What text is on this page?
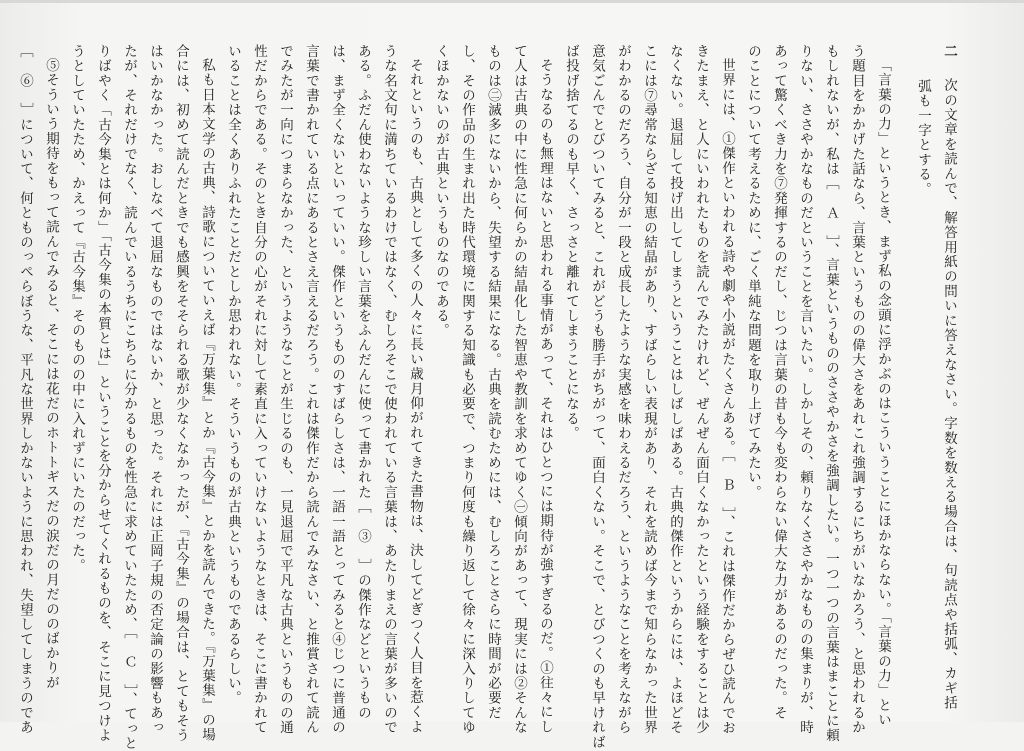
二次の文章を読んで、解答用紙の問いに答えなさい。字数を数える場合は、句読点や括弧、カギ括
弧も一字とする。
「言葉の力」というとき、まず私の念頭に浮かぶのはこういうことにほかならない。「言葉の力」とい
う題目をかかげた話なら、言葉というものの偉大さをあれこれ強調するにちがいなかろう、と思われるか
もしれないが、私は［　Ａ　］、言葉というもののささやかさを強調したい。一つ一つの言葉はまことに頼
りない、ささやかなものだということを言いたい。しかしその、頼りなくささやかなものの集まりが、時
あって驚くべき力を⑦発揮するのだし、じつは言葉の昔も今も変わらない偉大な力があるのだった。そ
のことについて考えるために、ごく単純な問題を取り上げてみたい。
世界には、①傑作といわれる詩や劇や小説がたくさんある。［　Ｂ　］、これは傑作だからぜひ読んでお
きたまえ、と人にいわれたものを読んでみたけれど、ぜんぜん面白くなかったという経験をすることは少
なくない。退屈して投げ出してしまうということはしばしばある。古典的傑作というからには、よほどそ
こには⑦尋常ならざる知恵の結晶があり、すばらしい表現があり、それを読めば今まで知らなかった世界
がわかるのだろう、自分が一段と成長したような実感を味わえるだろう、というようなことを考えながら
意気ごんでとびついてみると、これがどうも勝手がちがって、面白くない。そこで、とびつくのも早ければ
ば投げ捨てるのも早く、さっさと離れてしまうことになる。
そうなるのも無理はないと思われる事情があって、それはひとつには期待が強すぎるのだ。①往々にし
て人は古典の中に性急に何らかの結晶化した智恵や教訓を求めてゆく㊀傾向があって、現実には②そんな
ものは㊁滅多にないから、失望する結果になる。古典を読むためには、むしろことさらに時間が必要だ
し、その作品の生まれ出た時代環境に関する知識も必要で、つまり何度も繰り返して徐々に深入りしてゆ
くほかないのが古典というものなのである。
それというのも、古典として多くの人々に長い歳月仰がれてきた書物は、決してどぎつく人目を惹くよ
うな名文句に満ちているわけではなく、むしろそこで使われている言葉は、あたりまえの言葉が多いので
ある。ふだん使わないような珍しい言葉をふんだんに使って書かれた［　③　］の傑作などというもの
は、まず全くないといっていい。傑作というもののすばらしさは、一語一語とってみると④じつに普通の
言葉で書かれている点にあるとさえ言えるだろう。これは傑作だから読んでみなさい、と推賞されて読ん
でみたが一向につまらなかった、というようなことが生じるのも、一見退屈で平凡な古典というものの通
性だからである。そのとき自分の心がそれに対して素直に入っていけないようなときは、そこに書かれて
いることは全くありふれたことだとしか思われない。そういうものが古典というものであるらしい。
私も日本文学の古典、詩歌についていえば『万葉集』とか『古今集』とかを読んできた。『万葉集』の場
合には、初めて読んだときでも感興をそそられる歌が少なくなかったが、『古今集』の場合は、とてもそう
はいかなかった。おしなべて退屈なものではないか、と思った。それには正岡子規の否定論の影響もあっ
たが、それだけでなく、読んでいるうちにこちらに分かるものを性急に求めていたため、［　Ｃ　］、てっと
りばやく「古今集とは何か」「古今集の本質とは」ということを分からせてくれるものを、そこに見つけよ
うとしていたため、かえって『古今集』そのものの中に入れずにいたのだった。
⑤そういう期待をもって読んでみると、そこには花だのホトトギスだの涙だの月だののばかりが
［　⑥　］について、何とものっぺらぼうな、平凡な世界しかないように思われ、失望してしまうのであ
